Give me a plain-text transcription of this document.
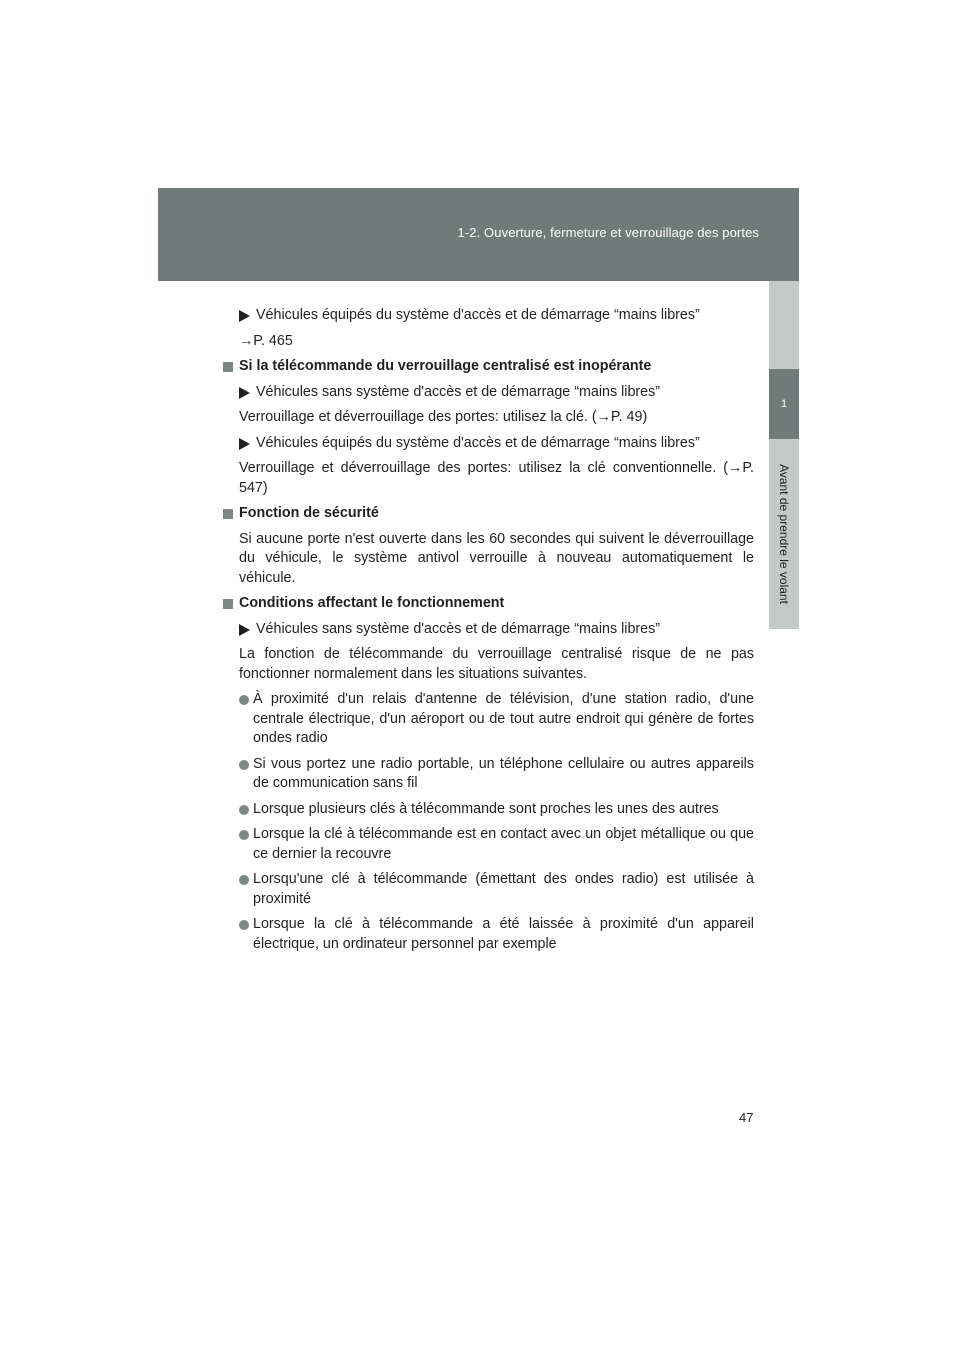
1-2. Ouverture, fermeture et verrouillage des portes
1
Avant de prendre le volant

Véhicules équipés du système d'accès et de démarrage “mains libres”

→P. 465

Si la télécommande du verrouillage centralisé est inopérante

Véhicules sans système d'accès et de démarrage “mains libres”

Verrouillage et déverrouillage des portes: utilisez la clé. (→P. 49)

Véhicules équipés du système d'accès et de démarrage “mains libres”

Verrouillage et déverrouillage des portes: utilisez la clé conventionnelle. (→P. 547)

Fonction de sécurité

Si aucune porte n'est ouverte dans les 60 secondes qui suivent le déverrouillage du véhicule, le système antivol verrouille à nouveau automatiquement le véhicule.

Conditions affectant le fonctionnement

Véhicules sans système d'accès et de démarrage “mains libres”

La fonction de télécommande du verrouillage centralisé risque de ne pas fonctionner normalement dans les situations suivantes.

À proximité d'un relais d'antenne de télévision, d'une station radio, d'une centrale électrique, d'un aéroport ou de tout autre endroit qui génère de fortes ondes radio

Si vous portez une radio portable, un téléphone cellulaire ou autres appareils de communication sans fil

Lorsque plusieurs clés à télécommande sont proches les unes des autres

Lorsque la clé à télécommande est en contact avec un objet métallique ou que ce dernier la recouvre

Lorsqu'une clé à télécommande (émettant des ondes radio) est utilisée à proximité

Lorsque la clé à télécommande a été laissée à proximité d'un appareil électrique, un ordinateur personnel par exemple

47
